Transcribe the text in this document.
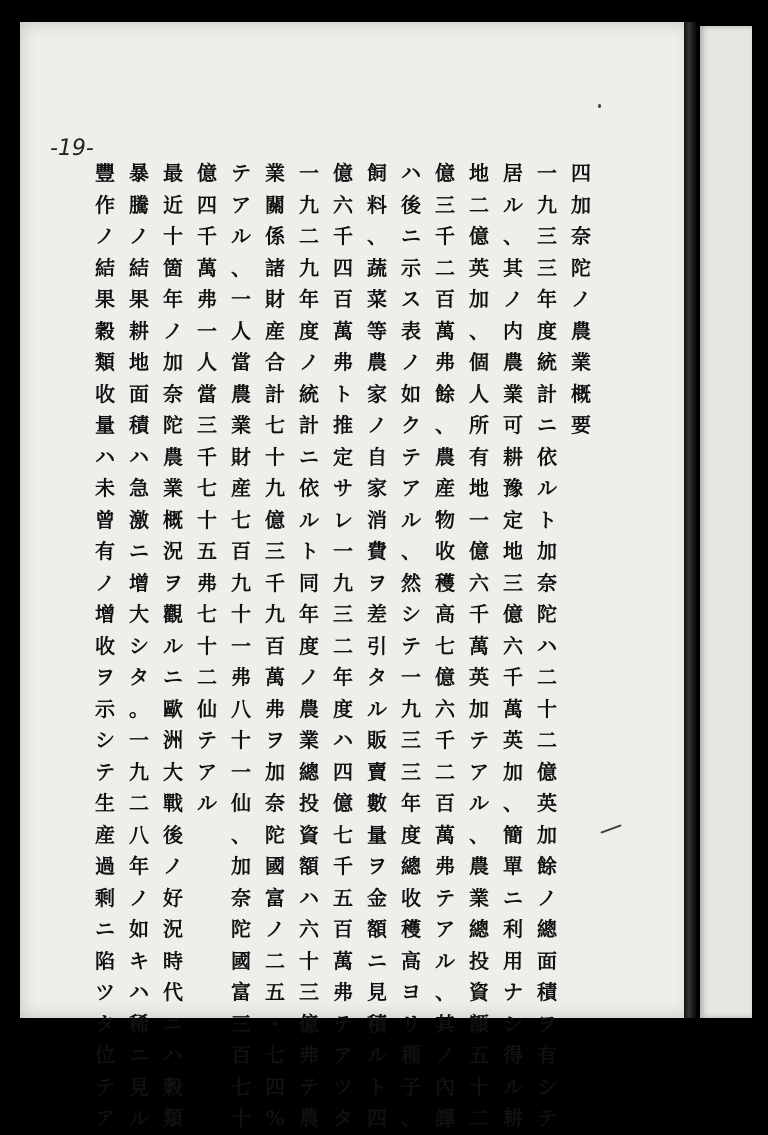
-19-
四
加
奈
陀
ノ
農
業
概
要
一
九
三
三
年
度
統
計
ニ
依
ル
ト
加
奈
陀
ハ
二
十
二
億
英
加
餘
ノ
總
面
積
ヲ
有
シ
テ
居
ル
、
其
ノ
内
農
業
可
耕
豫
定
地
三
億
六
千
萬
英
加
、
簡
單
ニ
利
用
ナ
シ
得
ル
耕
地
二
億
英
加
、
個
人
所
有
地
一
億
六
千
萬
英
加
テ
ア
ル
、
農
業
總
投
資
額
五
十
二
億
三
千
二
百
萬
弗
餘
、
農
産
物
收
穫
高
七
億
六
千
二
百
萬
弗
テ
ア
ル
、
其
ノ
內
譯
ハ
後
ニ
示
ス
表
ノ
如
ク
テ
ア
ル
、
然
シ
テ
一
九
三
三
年
度
總
收
穫
高
ヨ
リ
種
子
、
飼
料
、
蔬
菜
等
農
家
ノ
自
家
消
費
ヲ
差
引
タ
ル
販
賣
數
量
ヲ
金
額
ニ
見
積
ル
ト
四
億
六
千
四
百
萬
弗
ト
推
定
サ
レ
一
九
三
二
年
度
ハ
四
億
七
千
五
百
萬
弗
テ
ア
ツ
タ
一
九
二
九
年
度
ノ
統
計
ニ
依
ル
ト
同
年
度
ノ
農
業
總
投
資
額
ハ
六
十
三
億
弗
テ
農
業
關
係
諸
財
産
合
計
七
十
九
億
三
千
九
百
萬
弗
ヲ
加
奈
陀
國
富
ノ
二
五
・
七
四
%
テ
ア
ル
、
一
人
當
農
業
財
産
七
百
九
十
一
弗
八
十
一
仙
、
加
奈
陀
國
富
三
百
七
十
億
四
千
萬
弗
一
人
當
三
千
七
十
五
弗
七
十
二
仙
テ
ア
ル
最
近
十
箇
年
ノ
加
奈
陀
農
業
概
況
ヲ
觀
ル
ニ
歐
洲
大
戰
後
ノ
好
況
時
代
ニ
ハ
穀
類
暴
騰
ノ
結
果
耕
地
面
積
ハ
急
激
ニ
增
大
シ
タ
。
一
九
二
八
年
ノ
如
キ
ハ
稀
ニ
見
ル
豐
作
ノ
結
果
穀
類
收
量
ハ
未
曾
有
ノ
增
收
ヲ
示
シ
テ
生
産
過
剩
ニ
陷
ツ
タ
位
テ
ア
